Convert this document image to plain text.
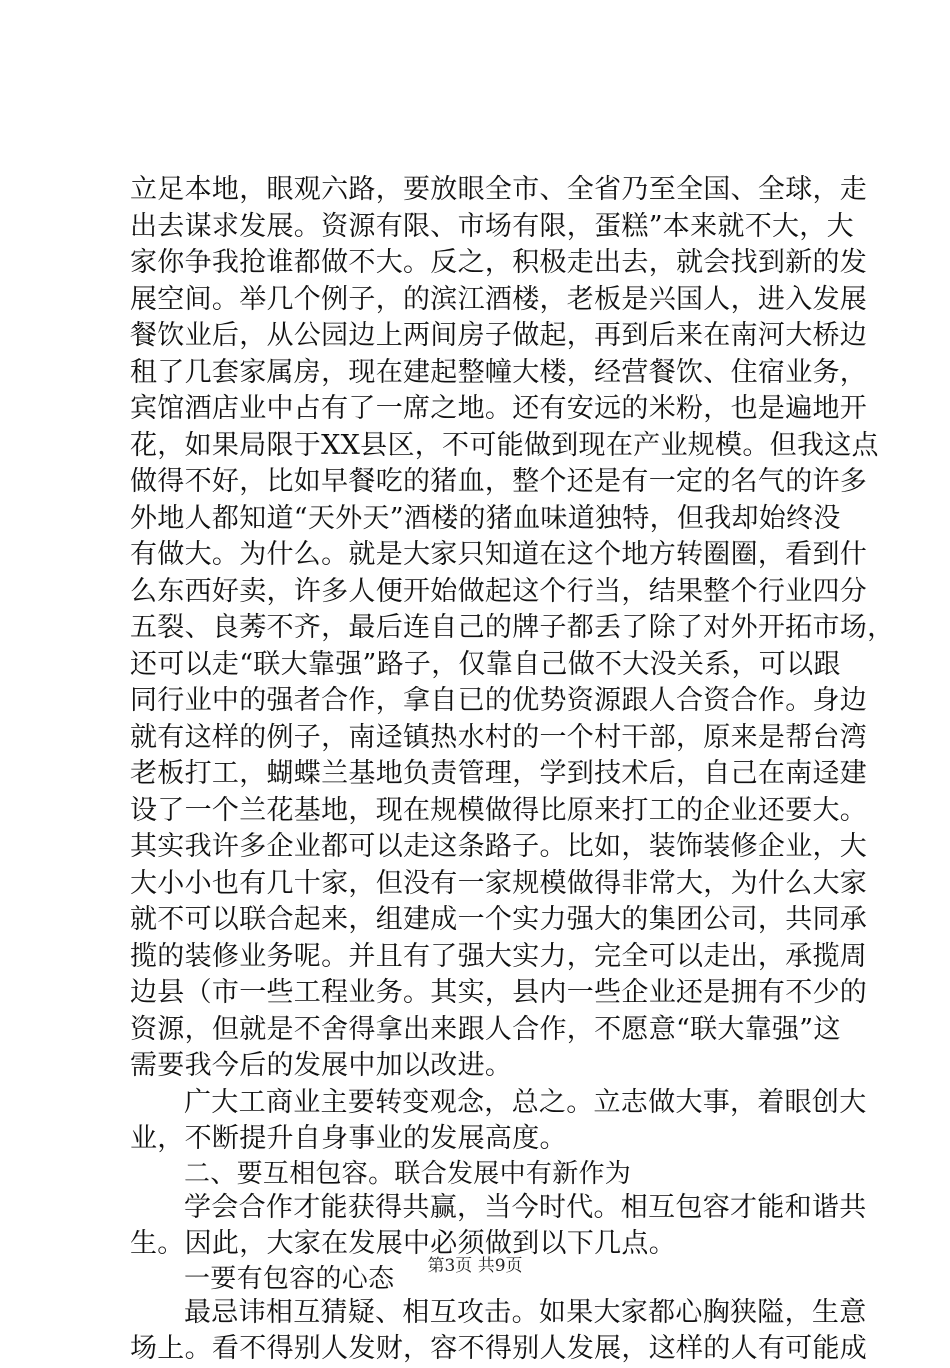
立足本地，眼观六路，要放眼全市、全省乃至全国、全球，走
出去谋求发展。资源有限、市场有限，蛋糕”本来就不大，大
家你争我抢谁都做不大。反之，积极走出去，就会找到新的发
展空间。举几个例子，的滨江酒楼，老板是兴国人，进入发展
餐饮业后，从公园边上两间房子做起，再到后来在南河大桥边
租了几套家属房，现在建起整幢大楼，经营餐饮、住宿业务，
宾馆酒店业中占有了一席之地。还有安远的米粉，也是遍地开
花，如果局限于XX县区，不可能做到现在产业规模。但我这点
做得不好，比如早餐吃的猪血，整个还是有一定的名气的许多
外地人都知道“天外天”酒楼的猪血味道独特，但我却始终没
有做大。为什么。就是大家只知道在这个地方转圈圈，看到什
么东西好卖，许多人便开始做起这个行当，结果整个行业四分
五裂、良莠不齐，最后连自己的牌子都丢了除了对外开拓市场，
还可以走“联大靠强”路子，仅靠自己做不大没关系，可以跟
同行业中的强者合作，拿自已的优势资源跟人合资合作。身边
就有这样的例子，南迳镇热水村的一个村干部，原来是帮台湾
老板打工，蝴蝶兰基地负责管理，学到技术后，自己在南迳建
设了一个兰花基地，现在规模做得比原来打工的企业还要大。
其实我许多企业都可以走这条路子。比如，装饰装修企业，大
大小小也有几十家，但没有一家规模做得非常大，为什么大家
就不可以联合起来，组建成一个实力强大的集团公司，共同承
揽的装修业务呢。并且有了强大实力，完全可以走出，承揽周
边县（市一些工程业务。其实，县内一些企业还是拥有不少的
资源，但就是不舍得拿出来跟人合作，不愿意“联大靠强”这
需要我今后的发展中加以改进。
广大工商业主要转变观念，总之。立志做大事，着眼创大
业，不断提升自身事业的发展高度。
二、要互相包容。联合发展中有新作为
学会合作才能获得共赢，当今时代。相互包容才能和谐共
生。因此，大家在发展中必须做到以下几点。
一要有包容的心态
最忌讳相互猜疑、相互攻击。如果大家都心胸狭隘，生意
场上。看不得别人发财，容不得别人发展，这样的人有可能成
第3页 共9页
